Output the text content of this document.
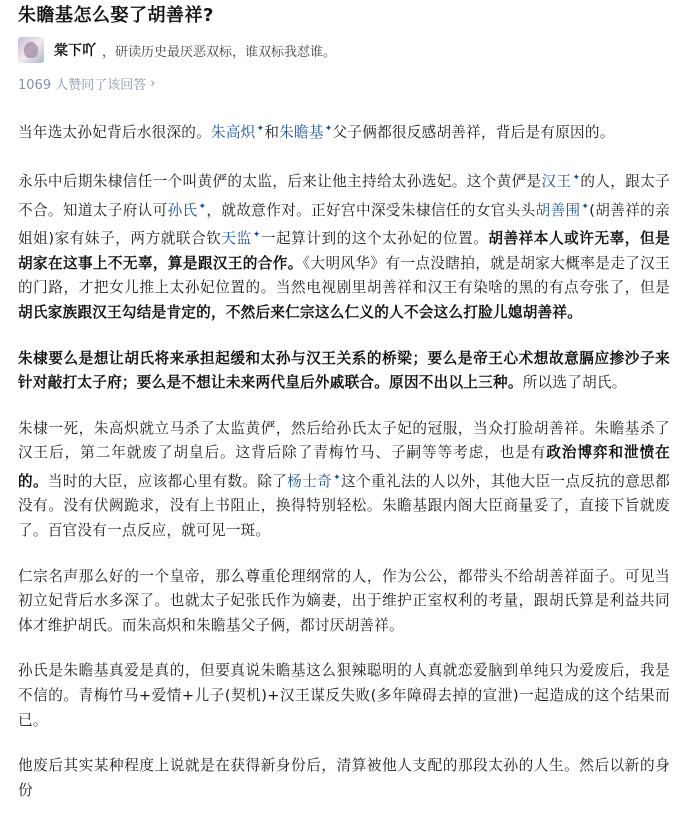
朱瞻基怎么娶了胡善祥?
棠下吖 ，研读历史最厌恶双标，谁双标我怼谁。
1069 人赞同了该回答 ›

当年选太孙妃背后水很深的。朱高炽✦和朱瞻基✦父子俩都很反感胡善祥，背后是有原因的。

永乐中后期朱棣信任一个叫黄俨的太监，后来让他主持给太孙选妃。这个黄俨是汉王✦的人，跟太子不合。知道太子府认可孙氏✦，就故意作对。正好宫中深受朱棣信任的女官头头胡善围✦(胡善祥的亲姐姐)家有妹子，两方就联合钦天监✦一起算计到的这个太孙妃的位置。胡善祥本人或许无辜，但是胡家在这事上不无辜，算是跟汉王的合作。《大明风华》有一点没瞎拍，就是胡家大概率是走了汉王的门路，才把女儿推上太孙妃位置的。当然电视剧里胡善祥和汉王有染啥的黑的有点夸张了，但是胡氏家族跟汉王勾结是肯定的，不然后来仁宗这么仁义的人不会这么打脸儿媳胡善祥。

朱棣要么是想让胡氏将来承担起缓和太孙与汉王关系的桥梁；要么是帝王心术想故意膈应掺沙子来针对敲打太子府；要么是不想让未来两代皇后外戚联合。原因不出以上三种。所以选了胡氏。

朱棣一死，朱高炽就立马杀了太监黄俨，然后给孙氏太子妃的冠服，当众打脸胡善祥。朱瞻基杀了汉王后，第二年就废了胡皇后。这背后除了青梅竹马、子嗣等等考虑，也是有政治博弈和泄愤在的。当时的大臣，应该都心里有数。除了杨士奇✦这个重礼法的人以外，其他大臣一点反抗的意思都没有。没有伏阙跪求，没有上书阻止，换得特别轻松。朱瞻基跟内阁大臣商量妥了，直接下旨就废了。百官没有一点反应，就可见一斑。

仁宗名声那么好的一个皇帝，那么尊重伦理纲常的人，作为公公，都带头不给胡善祥面子。可见当初立妃背后水多深了。也就太子妃张氏作为嫡妻，出于维护正室权利的考量，跟胡氏算是利益共同体才维护胡氏。而朱高炽和朱瞻基父子俩，都讨厌胡善祥。

孙氏是朱瞻基真爱是真的，但要真说朱瞻基这么狠辣聪明的人真就恋爱脑到单纯只为爱废后，我是不信的。青梅竹马+爱情+儿子(契机)+汉王谋反失败(多年障碍去掉的宣泄)一起造成的这个结果而已。

他废后其实某种程度上说就是在获得新身份后，清算被他人支配的那段太孙的人生。然后以新的身份
